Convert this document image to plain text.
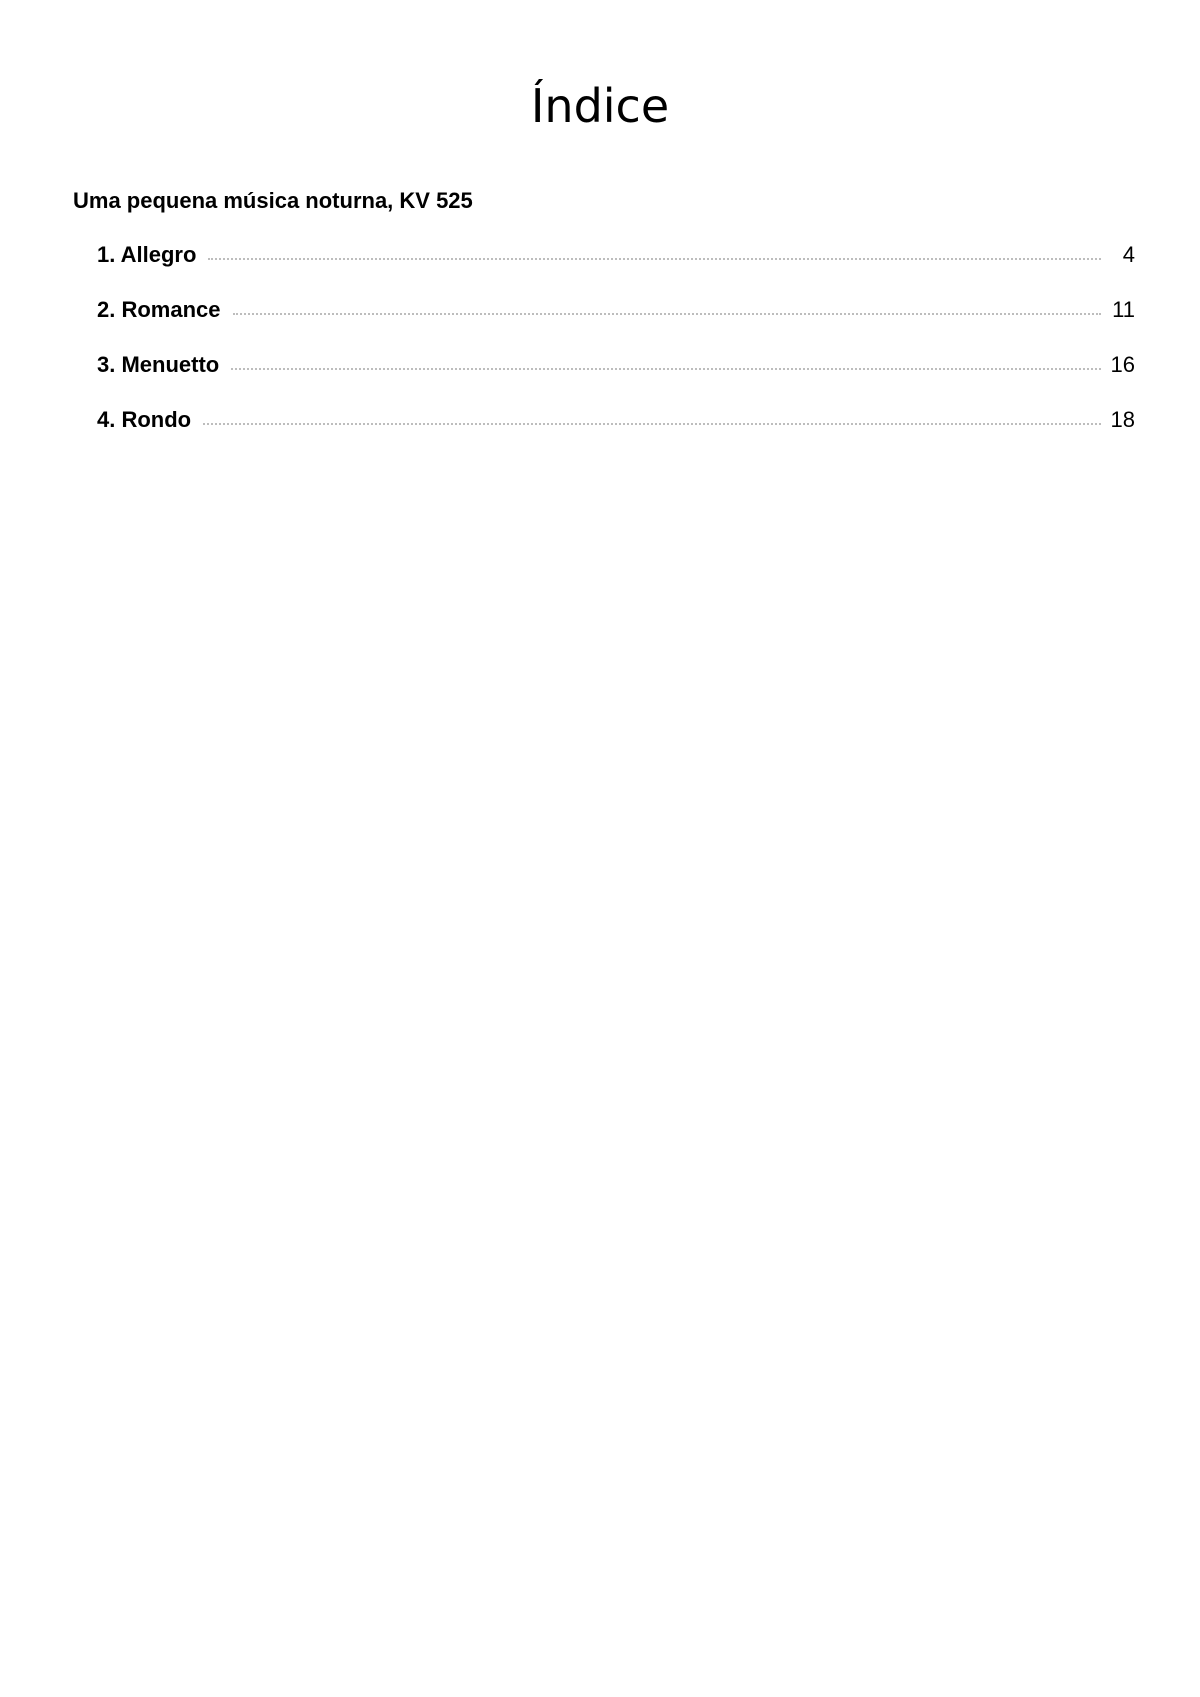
Índice
Uma pequena música noturna, KV 525
1. Allegro	4
2. Romance	11
3. Menuetto	16
4. Rondo	18
